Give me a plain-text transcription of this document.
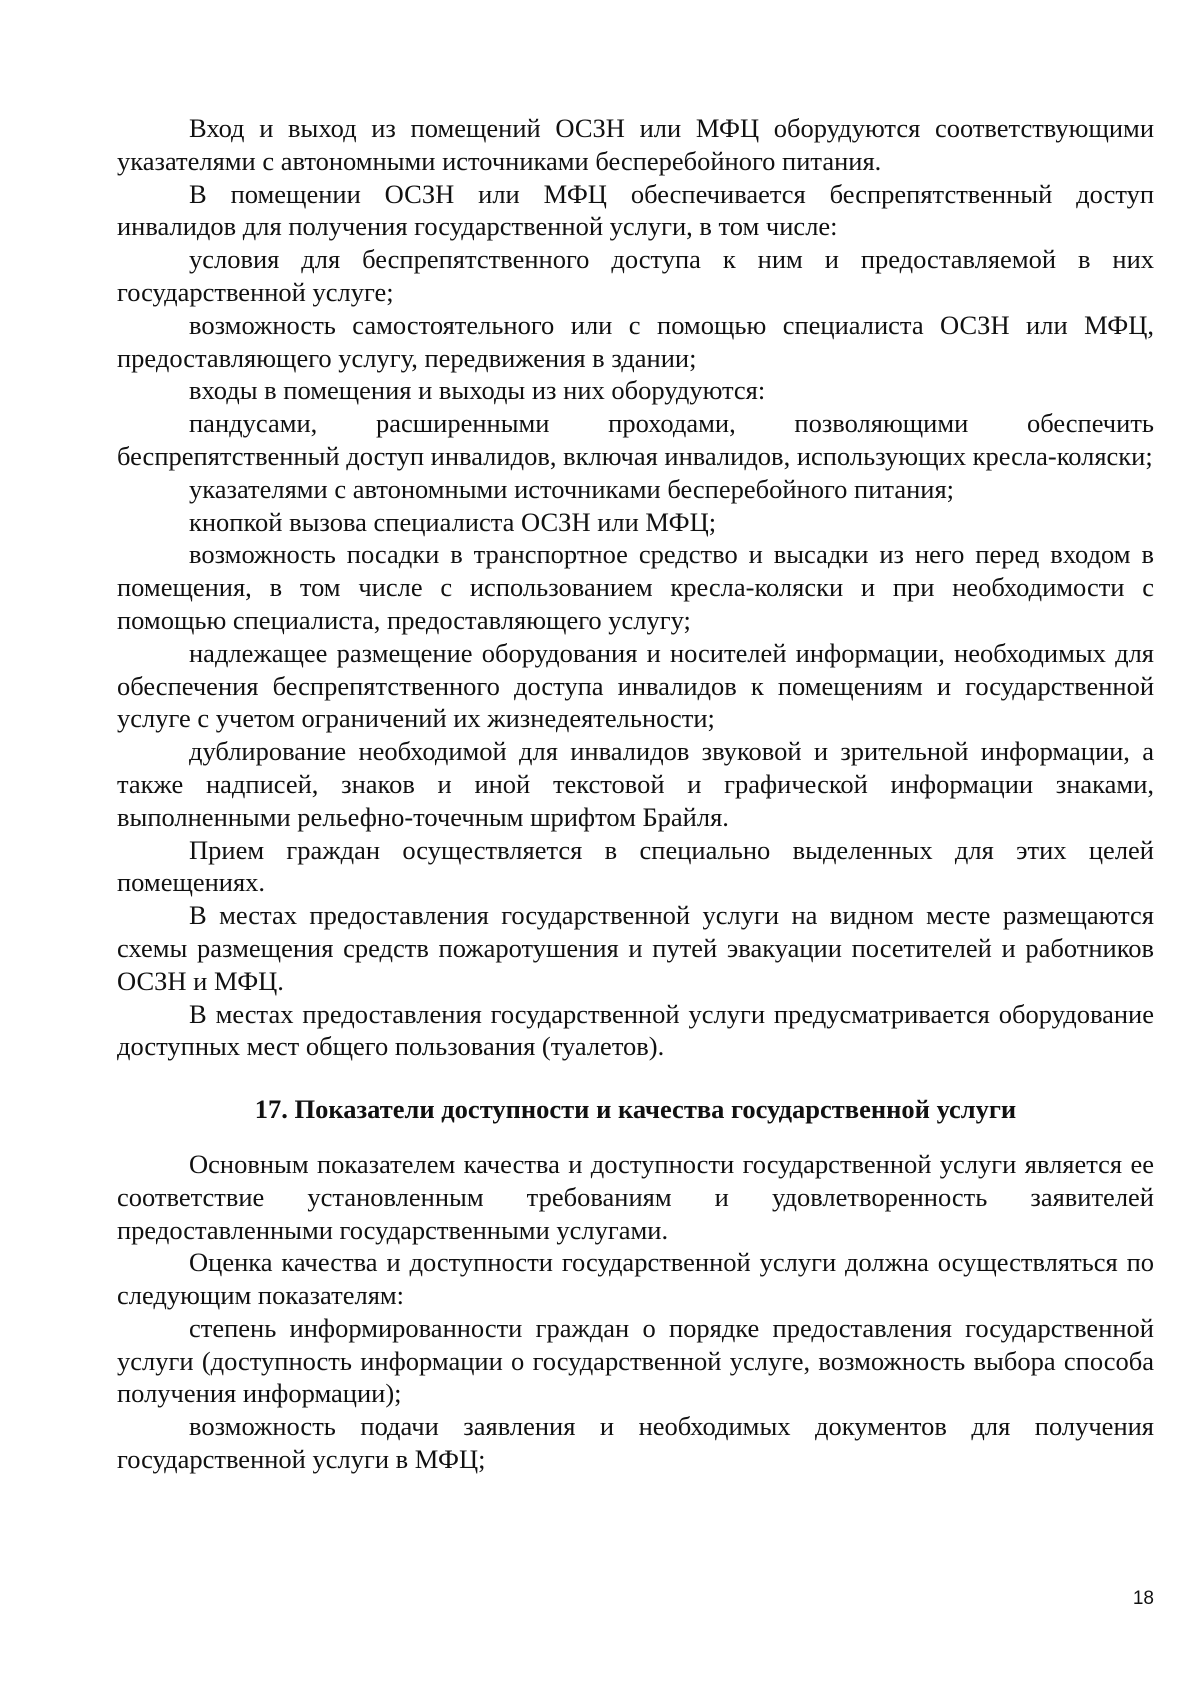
Вход и выход из помещений ОСЗН или МФЦ оборудуются соответствующими указателями с автономными источниками бесперебойного питания.

В помещении ОСЗН или МФЦ обеспечивается беспрепятственный доступ инвалидов для получения государственной услуги, в том числе:

условия для беспрепятственного доступа к ним и предоставляемой в них государственной услуге;

возможность самостоятельного или с помощью специалиста ОСЗН или МФЦ, предоставляющего услугу, передвижения в здании;

входы в помещения и выходы из них оборудуются:

пандусами, расширенными проходами, позволяющими обеспечить беспрепятственный доступ инвалидов, включая инвалидов, использующих кресла-коляски;

указателями с автономными источниками бесперебойного питания;

кнопкой вызова специалиста ОСЗН или МФЦ;

возможность посадки в транспортное средство и высадки из него перед входом в помещения, в том числе с использованием кресла-коляски и при необходимости с помощью специалиста, предоставляющего услугу;

надлежащее размещение оборудования и носителей информации, необходимых для обеспечения беспрепятственного доступа инвалидов к помещениям и государственной услуге с учетом ограничений их жизнедеятельности;

дублирование необходимой для инвалидов звуковой и зрительной информации, а также надписей, знаков и иной текстовой и графической информации знаками, выполненными рельефно-точечным шрифтом Брайля.

Прием граждан осуществляется в специально выделенных для этих целей помещениях.

В местах предоставления государственной услуги на видном месте размещаются схемы размещения средств пожаротушения и путей эвакуации посетителей и работников ОСЗН и МФЦ.

В местах предоставления государственной услуги предусматривается оборудование доступных мест общего пользования (туалетов).

17. Показатели доступности и качества государственной услуги

Основным показателем качества и доступности государственной услуги является ее соответствие установленным требованиям и удовлетворенность заявителей предоставленными государственными услугами.

Оценка качества и доступности государственной услуги должна осуществляться по следующим показателям:

степень информированности граждан о порядке предоставления государственной услуги (доступность информации о государственной услуге, возможность выбора способа получения информации);

возможность подачи заявления и необходимых документов для получения государственной услуги в МФЦ;

18
